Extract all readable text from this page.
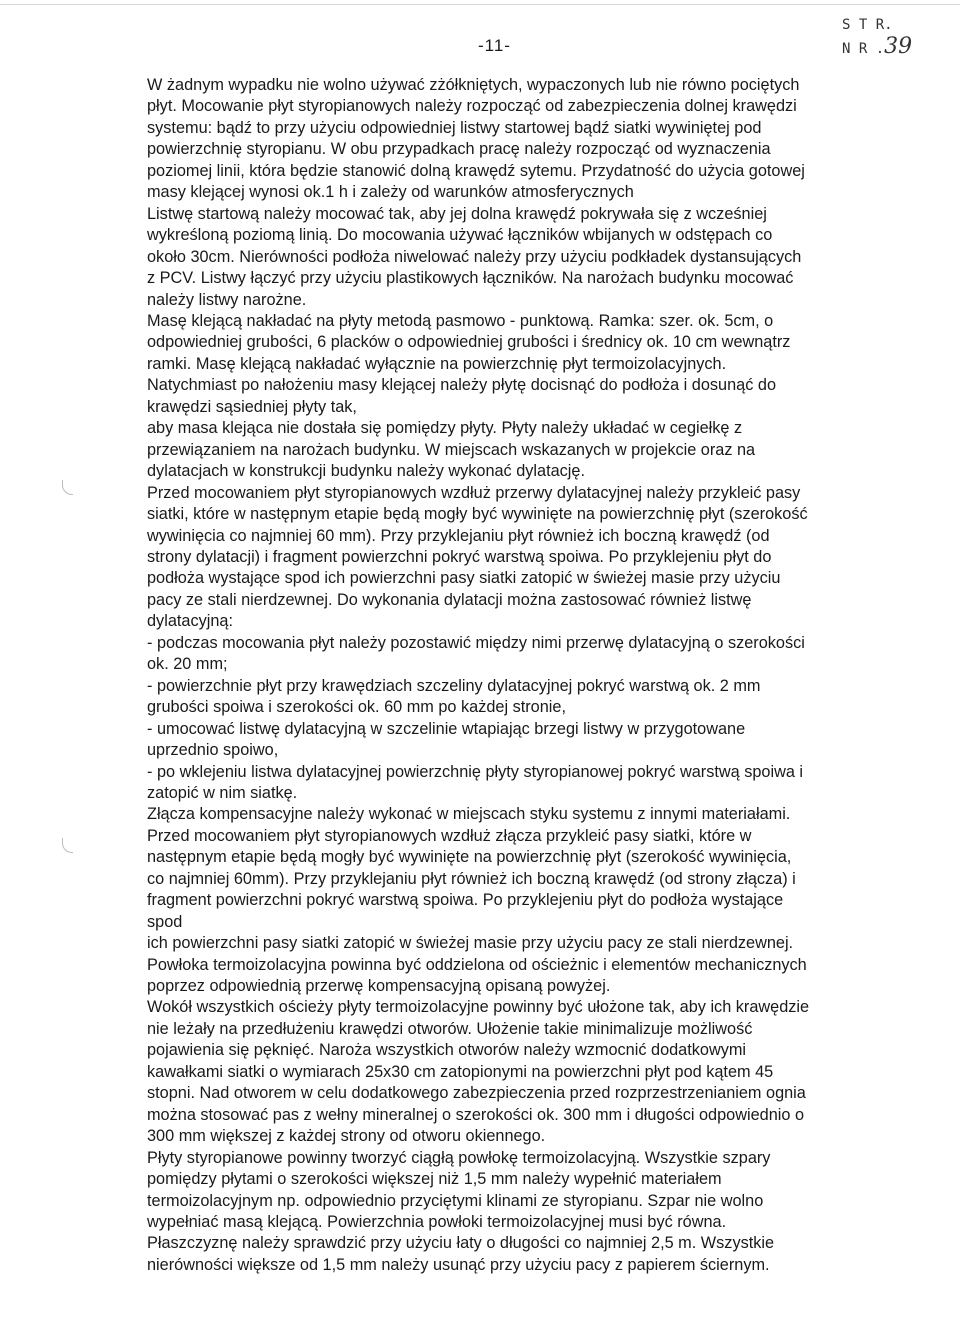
-11-
S T R.
N R .39
W żadnym wypadku nie wolno używać zżółkniętych, wypaczonych lub nie równo pociętych
płyt. Mocowanie płyt styropianowych należy rozpocząć od zabezpieczenia dolnej krawędzi
systemu: bądź to przy użyciu odpowiedniej listwy startowej bądź siatki wywiniętej pod
powierzchnię styropianu. W obu przypadkach pracę należy rozpocząć od wyznaczenia
poziomej linii, która będzie stanowić dolną krawędź sytemu. Przydatność do użycia gotowej
masy klejącej wynosi ok.1 h i zależy od warunków atmosferycznych
Listwę startową należy mocować tak, aby jej dolna krawędź pokrywała się z wcześniej
wykreśloną poziomą linią. Do mocowania używać łączników wbijanych w odstępach co
około 30cm. Nierówności podłoża niwelować należy przy użyciu podkładek dystansujących
z PCV. Listwy łączyć przy użyciu plastikowych łączników. Na narożach budynku mocować
należy listwy narożne.
Masę klejącą nakładać na płyty metodą pasmowo - punktową. Ramka: szer. ok. 5cm, o
odpowiedniej grubości, 6 placków o odpowiedniej grubości i średnicy ok. 10 cm wewnątrz
ramki. Masę klejącą nakładać wyłącznie na powierzchnię płyt termoizolacyjnych.
Natychmiast po nałożeniu masy klejącej należy płytę docisnąć do podłoża i dosunąć do
krawędzi sąsiedniej płyty tak,
aby masa klejąca nie dostała się pomiędzy płyty. Płyty należy układać w cegiełkę z
przewiązaniem na narożach budynku. W miejscach wskazanych w projekcie oraz na
dylatacjach w konstrukcji budynku należy wykonać dylatację.
Przed mocowaniem płyt styropianowych wzdłuż przerwy dylatacyjnej należy przykleić pasy
siatki, które w następnym etapie będą mogły być wywinięte na powierzchnię płyt (szerokość
wywinięcia co najmniej 60 mm). Przy przyklejaniu płyt również ich boczną krawędź (od
strony dylatacji) i fragment powierzchni pokryć warstwą spoiwa. Po przyklejeniu płyt do
podłoża wystające spod ich powierzchni pasy siatki zatopić w świeżej masie przy użyciu
pacy ze stali nierdzewnej. Do wykonania dylatacji można zastosować również listwę
dylatacyjną:
- podczas mocowania płyt należy pozostawić między nimi przerwę dylatacyjną o szerokości
ok. 20 mm;
- powierzchnie płyt przy krawędziach szczeliny dylatacyjnej pokryć warstwą ok. 2 mm
grubości spoiwa i szerokości ok. 60 mm po każdej stronie,
- umocować listwę dylatacyjną w szczelinie wtapiając brzegi listwy w przygotowane
uprzednio spoiwo,
- po wklejeniu listwa dylatacyjnej powierzchnię płyty styropianowej pokryć warstwą spoiwa i
zatopić w nim siatkę.
Złącza kompensacyjne należy wykonać w miejscach styku systemu z innymi materiałami.
Przed mocowaniem płyt styropianowych wzdłuż złącza przykleić pasy siatki, które w
następnym etapie będą mogły być wywinięte na powierzchnię płyt (szerokość wywinięcia,
co najmniej 60mm). Przy przyklejaniu płyt również ich boczną krawędź (od strony złącza) i
fragment powierzchni pokryć warstwą spoiwa. Po przyklejeniu płyt do podłoża wystające
spod
ich powierzchni pasy siatki zatopić w świeżej masie przy użyciu pacy ze stali nierdzewnej.
Powłoka termoizolacyjna powinna być oddzielona od ościeżnic i elementów mechanicznych
poprzez odpowiednią przerwę kompensacyjną opisaną powyżej.
Wokół wszystkich ościeży płyty termoizolacyjne powinny być ułożone tak, aby ich krawędzie
nie leżały na przedłużeniu krawędzi otworów. Ułożenie takie minimalizuje możliwość
pojawienia się pęknięć. Naroża wszystkich otworów należy wzmocnić dodatkowymi
kawałkami siatki o wymiarach 25x30 cm zatopionymi na powierzchni płyt pod kątem 45
stopni. Nad otworem w celu dodatkowego zabezpieczenia przed rozprzestrzenianiem ognia
można stosować pas z wełny mineralnej o szerokości ok. 300 mm i długości odpowiednio o
300 mm większej z każdej strony od otworu okiennego.
Płyty styropianowe powinny tworzyć ciągłą powłokę termoizolacyjną. Wszystkie szpary
pomiędzy płytami o szerokości większej niż 1,5 mm należy wypełnić materiałem
termoizolacyjnym np. odpowiednio przyciętymi klinami ze styropianu. Szpar nie wolno
wypełniać masą klejącą. Powierzchnia powłoki termoizolacyjnej musi być równa.
Płaszczyznę należy sprawdzić przy użyciu łaty o długości co najmniej 2,5 m. Wszystkie
nierówności większe od 1,5 mm należy usunąć przy użyciu pacy z papierem ściernym.
